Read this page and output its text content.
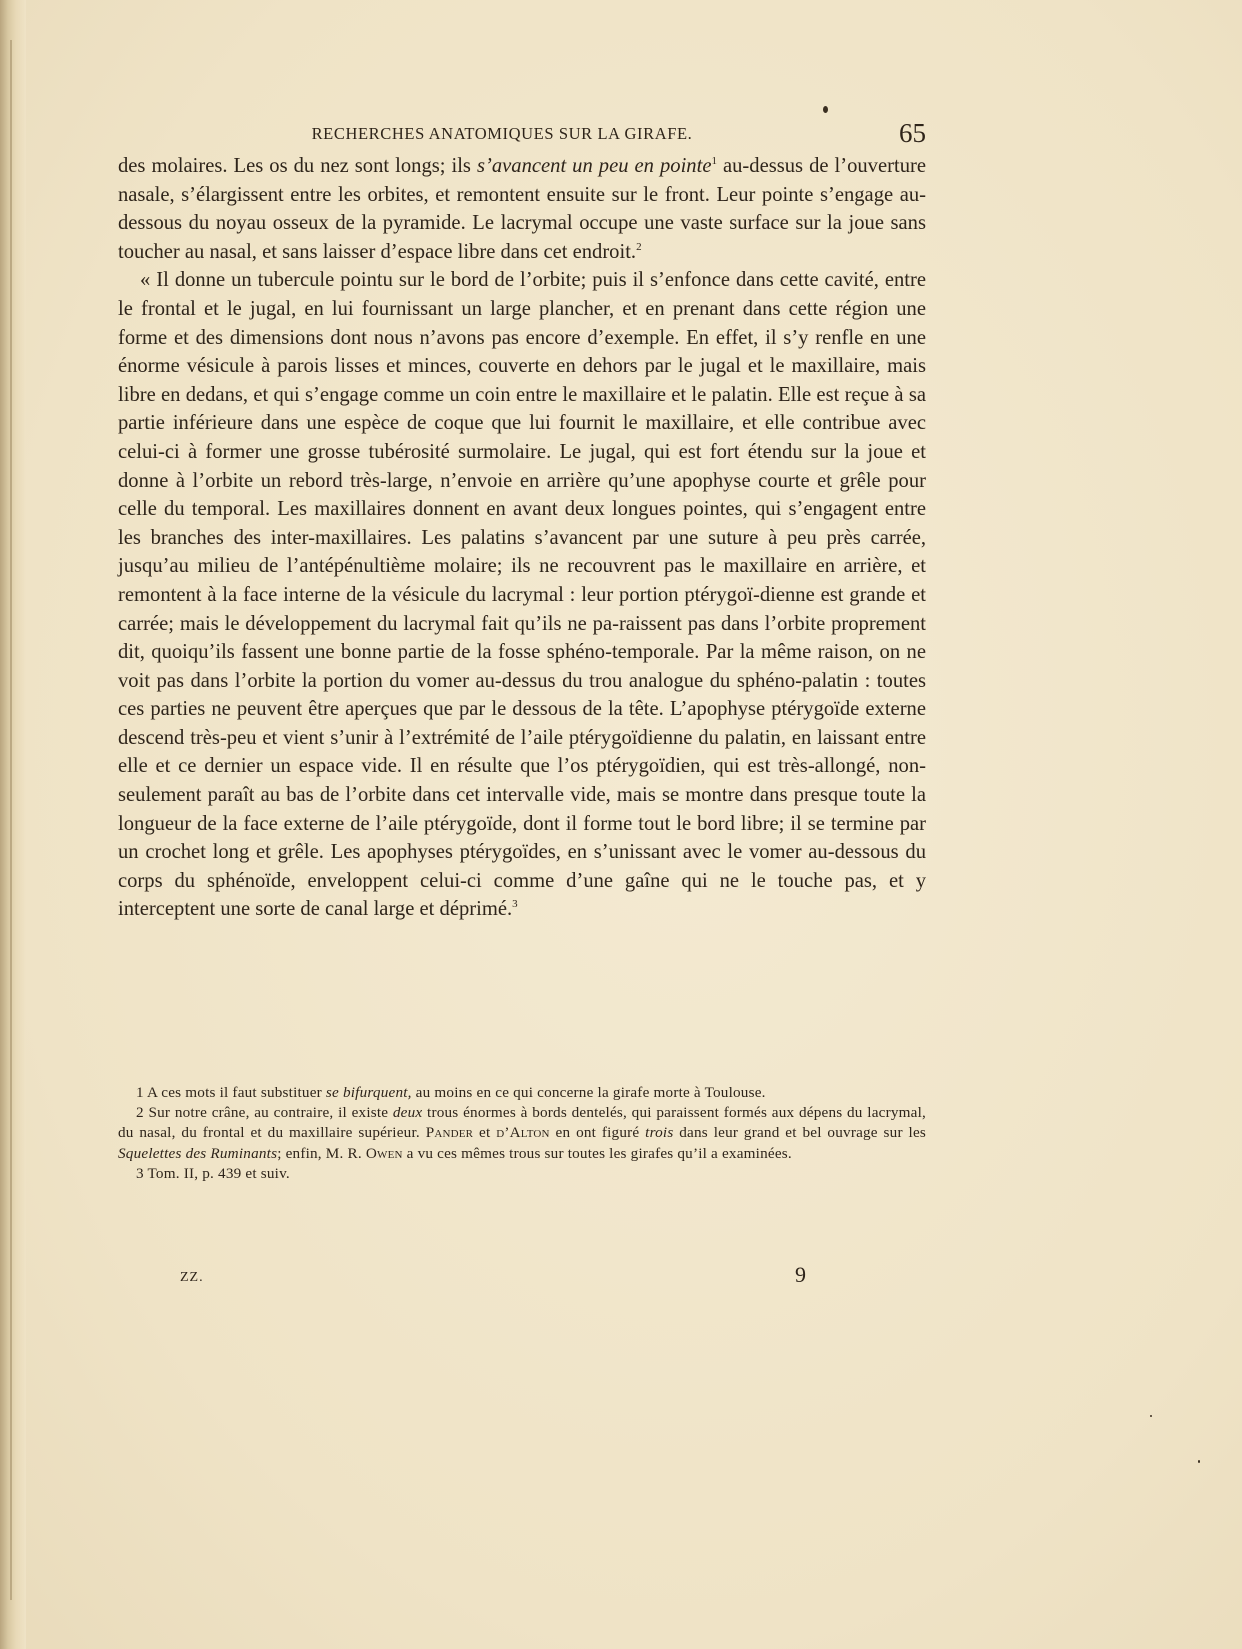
RECHERCHES ANATOMIQUES SUR LA GIRAFE.	65

des molaires. Les os du nez sont longs; ils s’avancent un peu en pointe$^1$ au-dessus de l’ouverture nasale, s’élargissent entre les orbites, et remontent ensuite sur le front. Leur pointe s’engage au-dessous du noyau osseux de la pyramide. Le lacrymal occupe une vaste surface sur la joue sans toucher au nasal, et sans laisser d’espace libre dans cet endroit.$^2$

« Il donne un tubercule pointu sur le bord de l’orbite; puis il s’enfonce dans cette cavité, entre le frontal et le jugal, en lui fournissant un large plancher, et en prenant dans cette région une forme et des dimensions dont nous n’avons pas encore d’exemple. En effet, il s’y renfle en une énorme vésicule à parois lisses et minces, couverte en dehors par le jugal et le maxillaire, mais libre en dedans, et qui s’engage comme un coin entre le maxillaire et le palatin. Elle est reçue à sa partie inférieure dans une espèce de coque que lui fournit le maxillaire, et elle contribue avec celui-ci à former une grosse tubérosité surmolaire. Le jugal, qui est fort étendu sur la joue et donne à l’orbite un rebord très-large, n’envoie en arrière qu’une apophyse courte et grêle pour celle du temporal. Les maxillaires donnent en avant deux longues pointes, qui s’engagent entre les branches des inter-maxillaires. Les palatins s’avancent par une suture à peu près carrée, jusqu’au milieu de l’antépénultième molaire; ils ne recouvrent pas le maxillaire en arrière, et remontent à la face interne de la vésicule du lacrymal : leur portion ptérygoï-dienne est grande et carrée; mais le développement du lacrymal fait qu’ils ne pa-raissent pas dans l’orbite proprement dit, quoiqu’ils fassent une bonne partie de la fosse sphéno-temporale. Par la même raison, on ne voit pas dans l’orbite la portion du vomer au-dessus du trou analogue du sphéno-palatin : toutes ces parties ne peuvent être aperçues que par le dessous de la tête. L’apophyse ptérygoïde externe descend très-peu et vient s’unir à l’extrémité de l’aile ptérygoïdienne du palatin, en laissant entre elle et ce dernier un espace vide. Il en résulte que l’os ptérygoïdien, qui est très-allongé, non-seulement paraît au bas de l’orbite dans cet intervalle vide, mais se montre dans presque toute la longueur de la face externe de l’aile ptérygoïde, dont il forme tout le bord libre; il se termine par un crochet long et grêle. Les apophyses ptérygoïdes, en s’unissant avec le vomer au-dessous du corps du sphénoïde, enveloppent celui-ci comme d’une gaîne qui ne le touche pas, et y interceptent une sorte de canal large et déprimé.$^3$

1 A ces mots il faut substituer se bifurquent, au moins en ce qui concerne la girafe morte à Toulouse.

2 Sur notre crâne, au contraire, il existe deux trous énormes à bords dentelés, qui paraissent formés aux dépens du lacrymal, du nasal, du frontal et du maxillaire supérieur. Pander et d’Alton en ont figuré trois dans leur grand et bel ouvrage sur les Squelettes des Ruminants; enfin, M. R. Owen a vu ces mêmes trous sur toutes les girafes qu’il a examinées.

3 Tom. II, p. 439 et suiv.

ZZ.	9
